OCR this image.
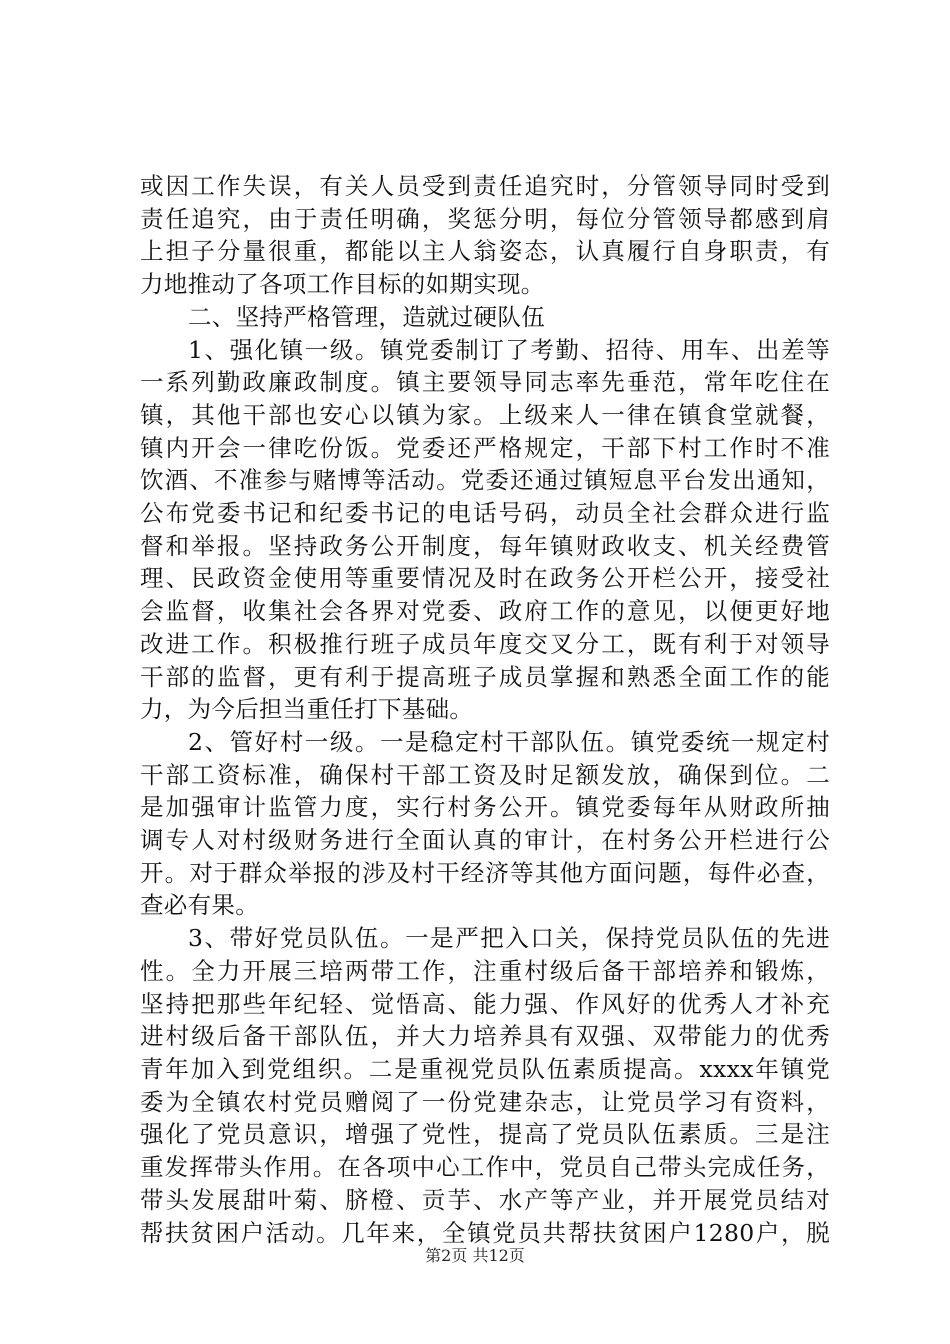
或因工作失误，有关人员受到责任追究时，分管领导同时受到
责任追究，由于责任明确，奖惩分明，每位分管领导都感到肩
上担子分量很重，都能以主人翁姿态，认真履行自身职责，有
力地推动了各项工作目标的如期实现。
二、坚持严格管理，造就过硬队伍
1、强化镇一级。镇党委制订了考勤、招待、用车、出差等
一系列勤政廉政制度。镇主要领导同志率先垂范，常年吃住在
镇，其他干部也安心以镇为家。上级来人一律在镇食堂就餐，
镇内开会一律吃份饭。党委还严格规定，干部下村工作时不准
饮酒、不准参与赌博等活动。党委还通过镇短息平台发出通知，
公布党委书记和纪委书记的电话号码，动员全社会群众进行监
督和举报。坚持政务公开制度，每年镇财政收支、机关经费管
理、民政资金使用等重要情况及时在政务公开栏公开，接受社
会监督，收集社会各界对党委、政府工作的意见，以便更好地
改进工作。积极推行班子成员年度交叉分工，既有利于对领导
干部的监督，更有利于提高班子成员掌握和熟悉全面工作的能
力，为今后担当重任打下基础。
2、管好村一级。一是稳定村干部队伍。镇党委统一规定村
干部工资标准，确保村干部工资及时足额发放，确保到位。二
是加强审计监管力度，实行村务公开。镇党委每年从财政所抽
调专人对村级财务进行全面认真的审计，在村务公开栏进行公
开。对于群众举报的涉及村干经济等其他方面问题，每件必查，
查必有果。
3、带好党员队伍。一是严把入口关，保持党员队伍的先进
性。全力开展三培两带工作，注重村级后备干部培养和锻炼，
坚持把那些年纪轻、觉悟高、能力强、作风好的优秀人才补充
进村级后备干部队伍，并大力培养具有双强、双带能力的优秀
青年加入到党组织。二是重视党员队伍素质提高。xxxx年镇党
委为全镇农村党员赠阅了一份党建杂志，让党员学习有资料，
强化了党员意识，增强了党性，提高了党员队伍素质。三是注
重发挥带头作用。在各项中心工作中，党员自己带头完成任务，
带头发展甜叶菊、脐橙、贡芋、水产等产业，并开展党员结对
帮扶贫困户活动。几年来，全镇党员共帮扶贫困户1280户，脱
第2页 共12页
